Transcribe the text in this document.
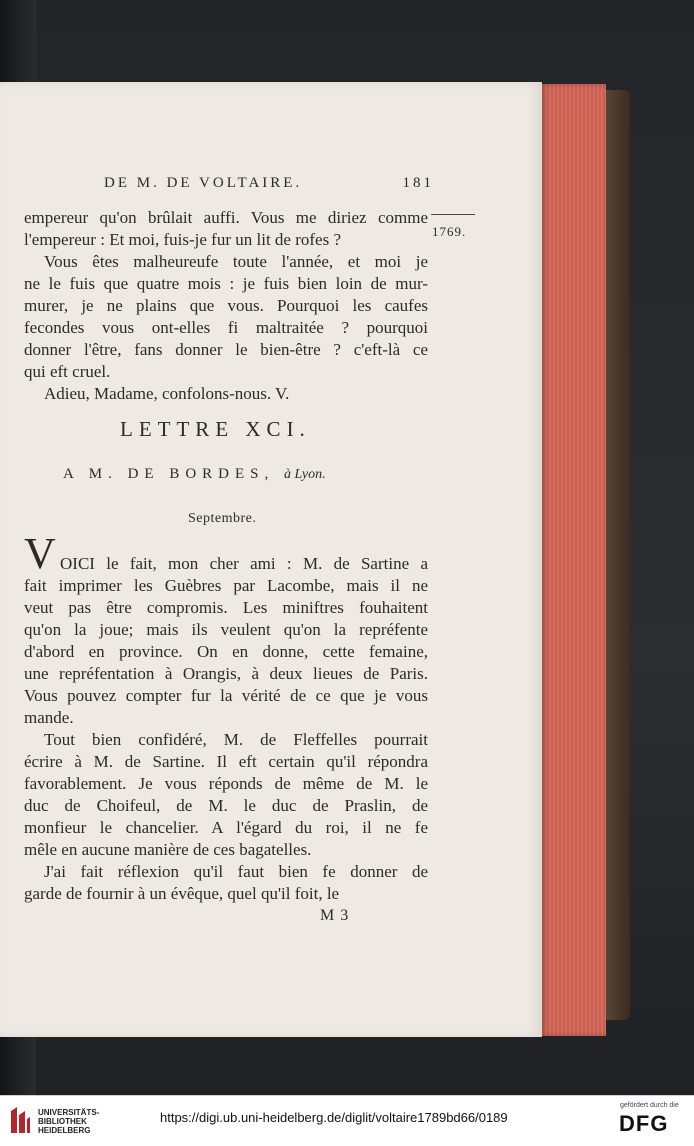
DE M. DE VOLTAIRE.	181
1769.
empereur qu'on brûlait auffi. Vous me diriez comme
l'empereur : Et moi, fuis-je fur un lit de rofes ?
Vous êtes malheureufe toute l'année, et moi je
ne le fuis que quatre mois : je fuis bien loin de mur-
murer, je ne plains que vous. Pourquoi les caufes
fecondes vous ont-elles fi maltraitée ? pourquoi
donner l'être, fans donner le bien-être ? c'eft-là ce
qui eft cruel.
Adieu, Madame, confolons-nous. V.
LETTRE XCI.
A M. DE BORDES, à Lyon.
Septembre.
V OICI le fait, mon cher ami : M. de Sartine a
fait imprimer les Guèbres par Lacombe, mais il ne
veut pas être compromis. Les miniftres fouhaitent
qu'on la joue; mais ils veulent qu'on la repréfente
d'abord en province. On en donne, cette femaine,
une repréfentation à Orangis, à deux lieues de Paris.
Vous pouvez compter fur la vérité de ce que je vous
mande.
Tout bien confidéré, M. de Fleffelles pourrait
écrire à M. de Sartine. Il eft certain qu'il répondra
favorablement. Je vous réponds de même de M. le
duc de Choifeul, de M. le duc de Praslin, de
monfieur le chancelier. A l'égard du roi, il ne fe
mêle en aucune manière de ces bagatelles.
J'ai fait réflexion qu'il faut bien fe donner de
garde de fournir à un évêque, quel qu'il foit, le
M 3
UNIVERSITÄTS-
BIBLIOTHEK
HEIDELBERG
https://digi.ub.uni-heidelberg.de/diglit/voltaire1789bd66/0189
gefördert durch die
DFG
